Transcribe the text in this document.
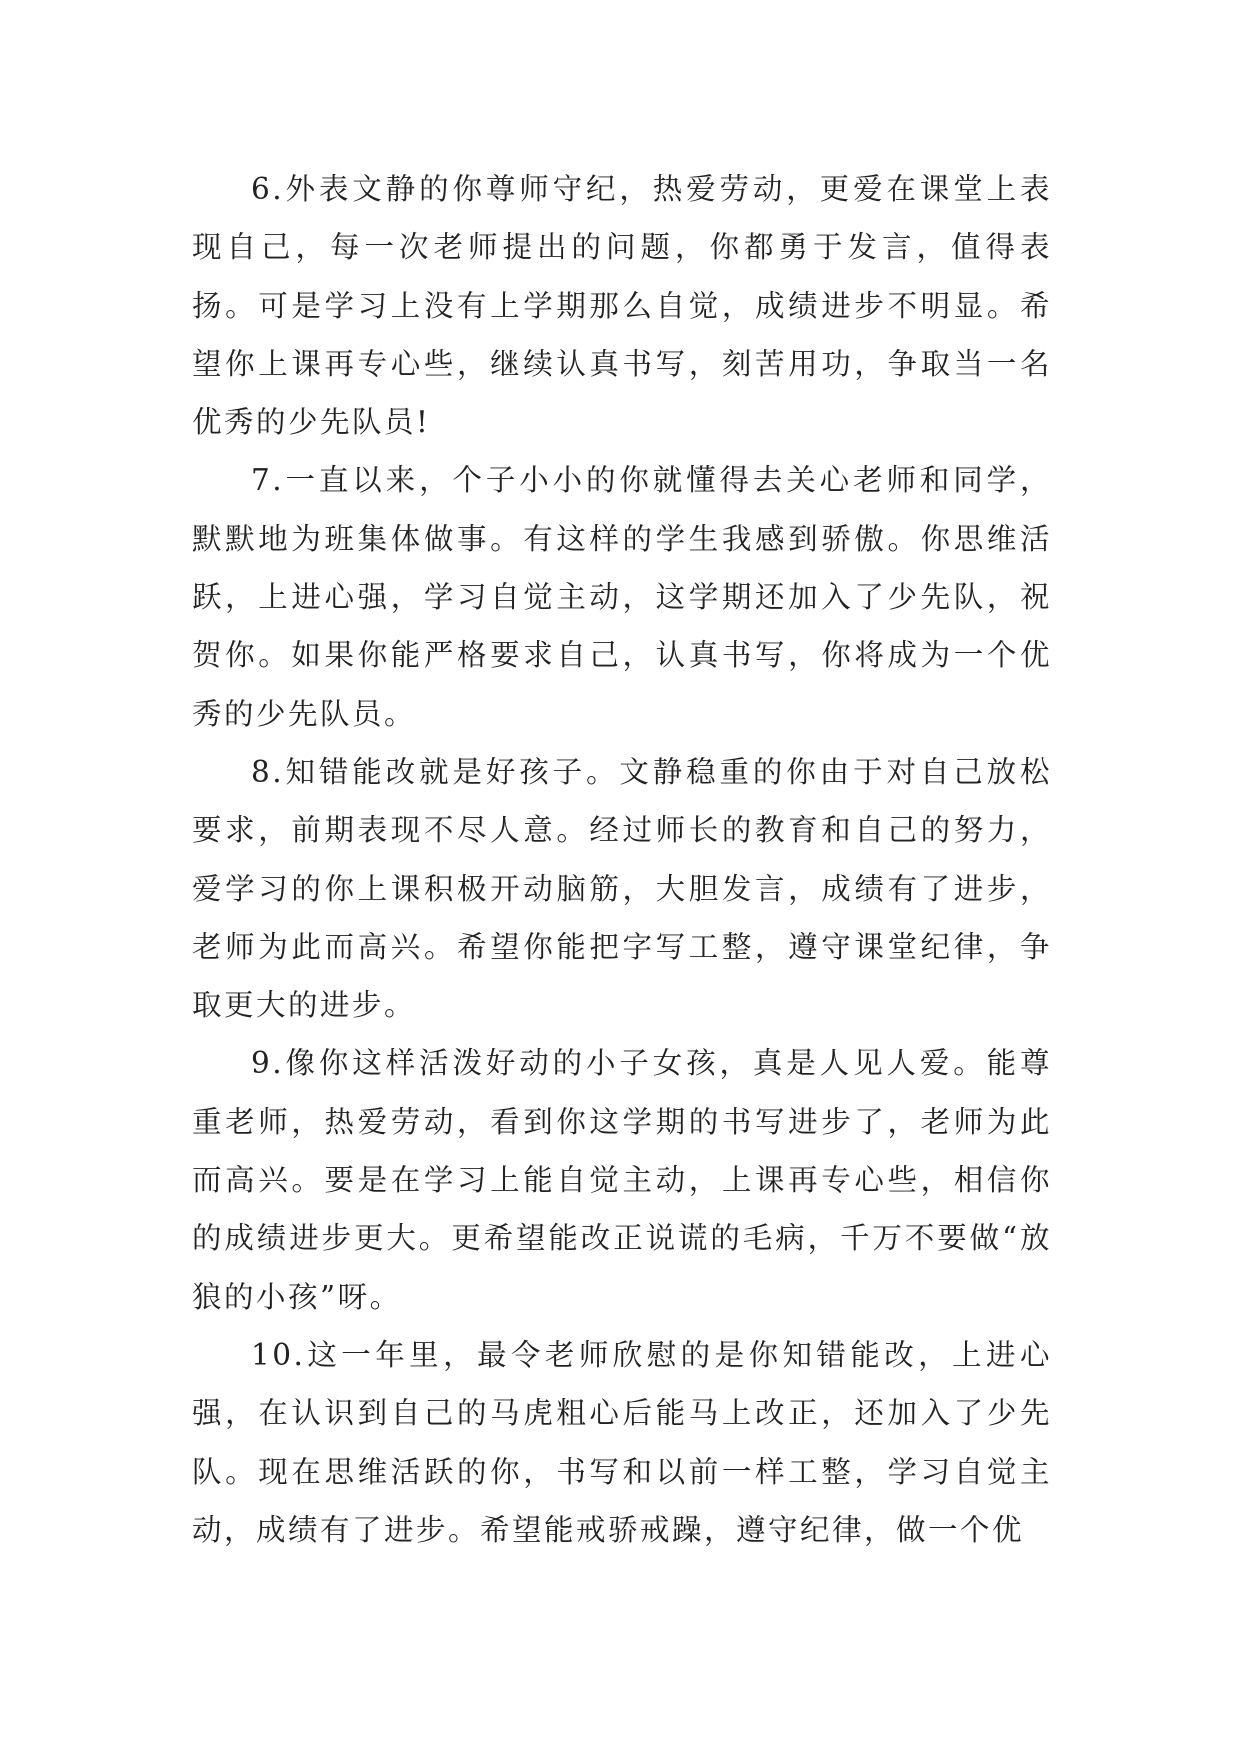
6.外表文静的你尊师守纪，热爱劳动，更爱在课堂上表现自己，每一次老师提出的问题，你都勇于发言，值得表扬。可是学习上没有上学期那么自觉，成绩进步不明显。希望你上课再专心些，继续认真书写，刻苦用功，争取当一名优秀的少先队员!

7.一直以来，个子小小的你就懂得去关心老师和同学，默默地为班集体做事。有这样的学生我感到骄傲。你思维活跃，上进心强，学习自觉主动，这学期还加入了少先队，祝贺你。如果你能严格要求自己，认真书写，你将成为一个优秀的少先队员。

8.知错能改就是好孩子。文静稳重的你由于对自己放松要求，前期表现不尽人意。经过师长的教育和自己的努力，爱学习的你上课积极开动脑筋，大胆发言，成绩有了进步，老师为此而高兴。希望你能把字写工整，遵守课堂纪律，争取更大的进步。

9.像你这样活泼好动的小子女孩，真是人见人爱。能尊重老师，热爱劳动，看到你这学期的书写进步了，老师为此而高兴。要是在学习上能自觉主动，上课再专心些，相信你的成绩进步更大。更希望能改正说谎的毛病，千万不要做“放狼的小孩”呀。

10.这一年里，最令老师欣慰的是你知错能改，上进心强，在认识到自己的马虎粗心后能马上改正，还加入了少先队。现在思维活跃的你，书写和以前一样工整，学习自觉主动，成绩有了进步。希望能戒骄戒躁，遵守纪律，做一个优
